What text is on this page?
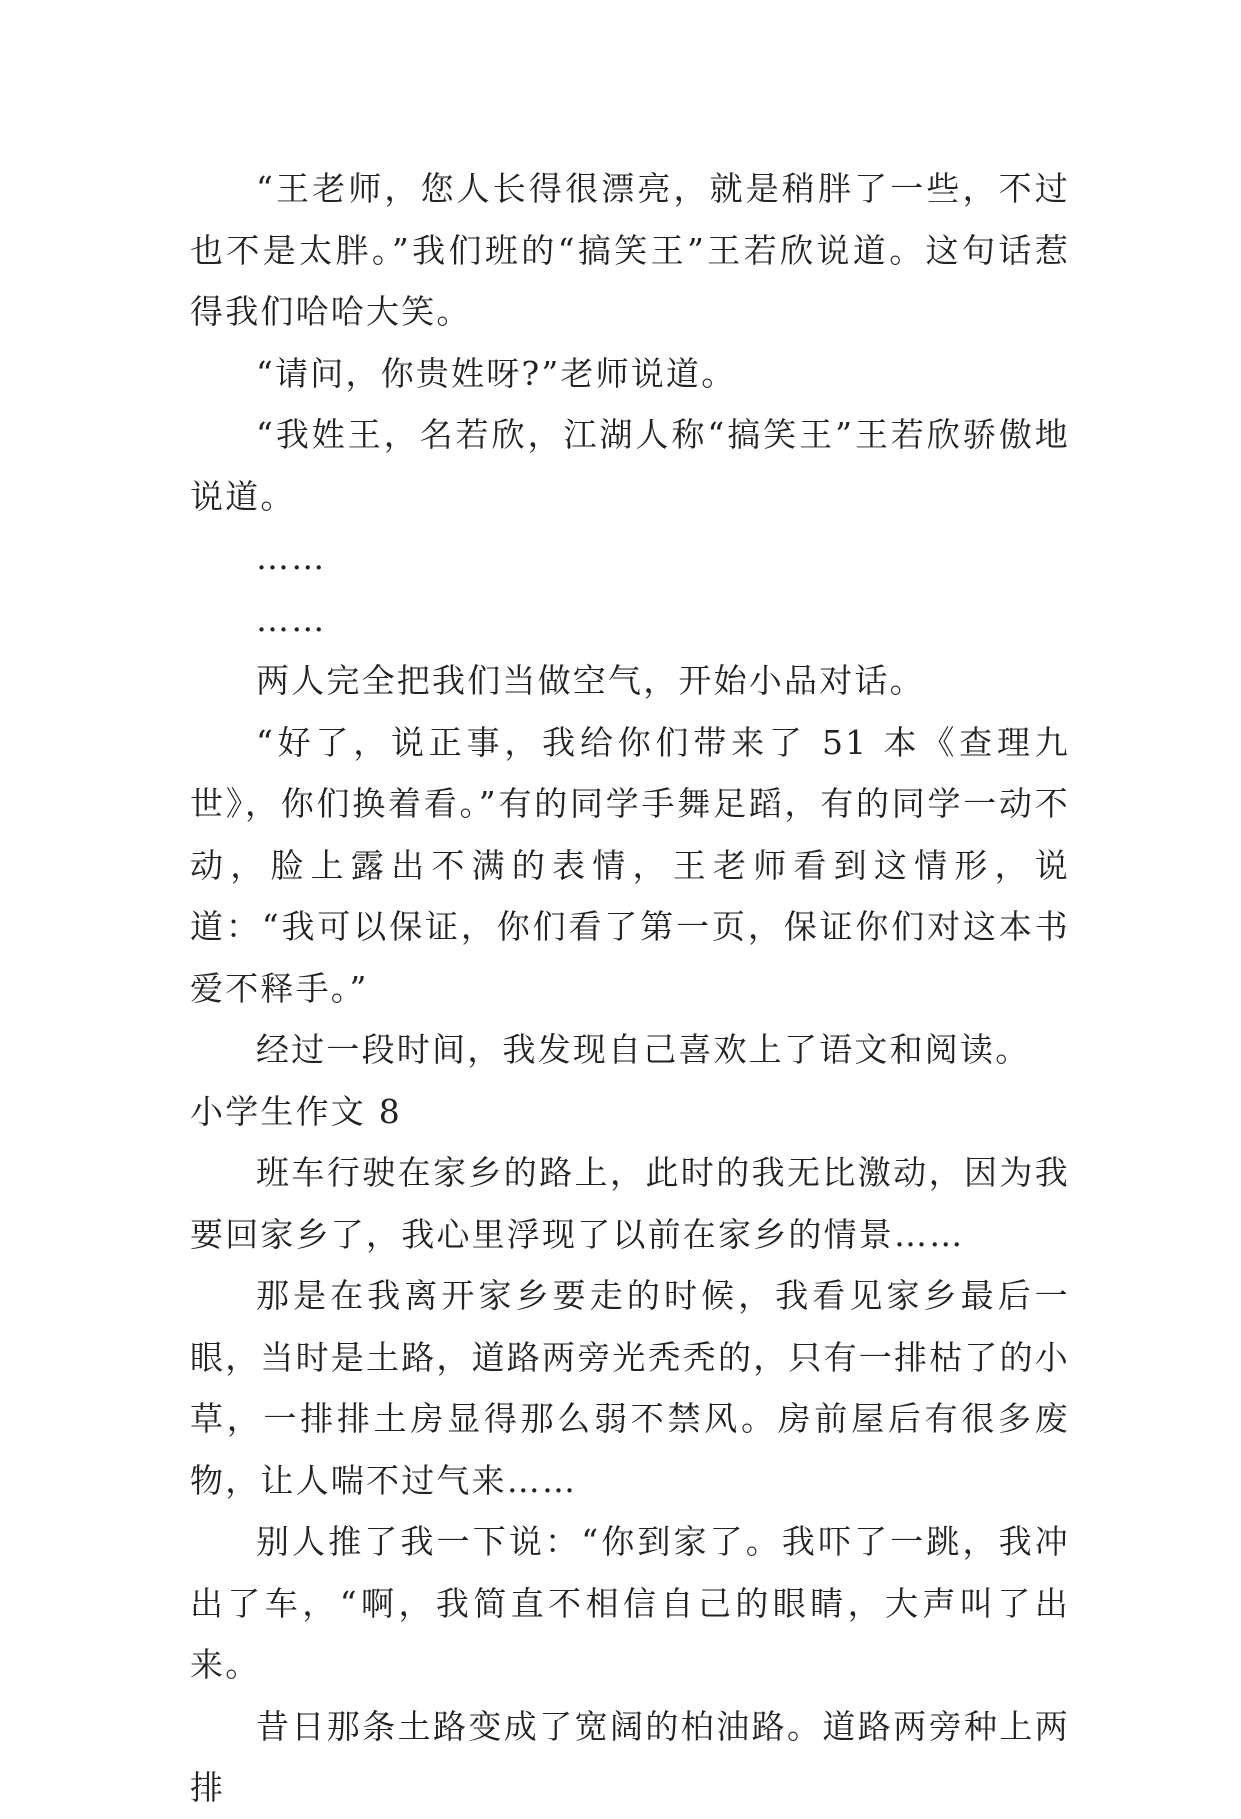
“王老师，您人长得很漂亮，就是稍胖了一些，不过也不是太胖。”我们班的“搞笑王”王若欣说道。这句话惹得我们哈哈大笑。

“请问，你贵姓呀?”老师说道。

“我姓王，名若欣，江湖人称“搞笑王”王若欣骄傲地说道。

……

……

两人完全把我们当做空气，开始小品对话。

“好了，说正事，我给你们带来了 51 本《查理九世》，你们换着看。”有的同学手舞足蹈，有的同学一动不动，脸上露出不满的表情，王老师看到这情形，说道：“我可以保证，你们看了第一页，保证你们对这本书爱不释手。”

经过一段时间，我发现自己喜欢上了语文和阅读。

小学生作文 8

班车行驶在家乡的路上，此时的我无比激动，因为我要回家乡了，我心里浮现了以前在家乡的情景……

那是在我离开家乡要走的时候，我看见家乡最后一眼，当时是土路，道路两旁光秃秃的，只有一排枯了的小草，一排排土房显得那么弱不禁风。房前屋后有很多废物，让人喘不过气来……

别人推了我一下说：“你到家了。我吓了一跳，我冲出了车，“啊，我简直不相信自己的眼睛，大声叫了出来。

昔日那条土路变成了宽阔的柏油路。道路两旁种上两排
